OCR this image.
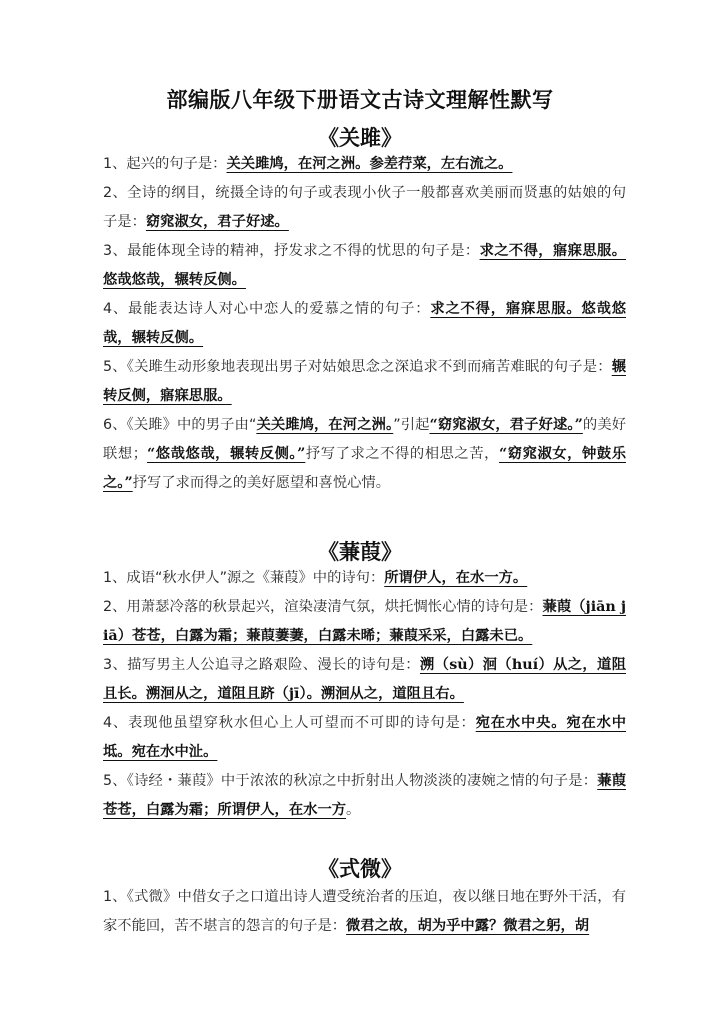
部编版八年级下册语文古诗文理解性默写
《关雎》
1、起兴的句子是：关关雎鸠，在河之洲。参差荇菜，左右流之。
2、全诗的纲目，统摄全诗的句子或表现小伙子一般都喜欢美丽而贤惠的姑娘的句子是：窈窕淑女，君子好逑。
3、最能体现全诗的精神，抒发求之不得的忧思的句子是：求之不得，寤寐思服。悠哉悠哉，辗转反侧。
4、最能表达诗人对心中恋人的爱慕之情的句子：求之不得，寤寐思服。悠哉悠哉，辗转反侧。
5、《关雎生动形象地表现出男子对姑娘思念之深追求不到而痛苦难眠的句子是：辗转反侧，寤寐思服。
6、《关雎》中的男子由“关关雎鸠，在河之洲。”引起“窈窕淑女，君子好逑。”的美好联想；“悠哉悠哉，辗转反侧。”抒写了求之不得的相思之苦，“窈窕淑女，钟鼓乐之。”抒写了求而得之的美好愿望和喜悦心情。
《蒹葭》
1、成语“秋水伊人”源之《蒹葭》中的诗句：所谓伊人，在水一方。
2、用萧瑟冷落的秋景起兴，渲染凄清气氛，烘托惆怅心情的诗句是：蒹葭（jiān jiā）苍苍，白露为霜；蒹葭萋萋，白露未晞；蒹葭采采，白露未已。
3、描写男主人公追寻之路艰险、漫长的诗句是：溯（sù）洄（huí）从之，道阻且长。溯洄从之，道阻且跻（jī）。溯洄从之，道阻且右。
4、表现他虽望穿秋水但心上人可望而不可即的诗句是：宛在水中央。宛在水中坻。宛在水中沚。
5、《诗经・蒹葭》中于浓浓的秋凉之中折射出人物淡淡的凄婉之情的句子是：蒹葭苍苍，白露为霜；所谓伊人，在水一方。
《式微》
1、《式微》中借女子之口道出诗人遭受统治者的压迫，夜以继日地在野外干活，有家不能回，苦不堪言的怨言的句子是：微君之故，胡为乎中露？微君之躬，胡
